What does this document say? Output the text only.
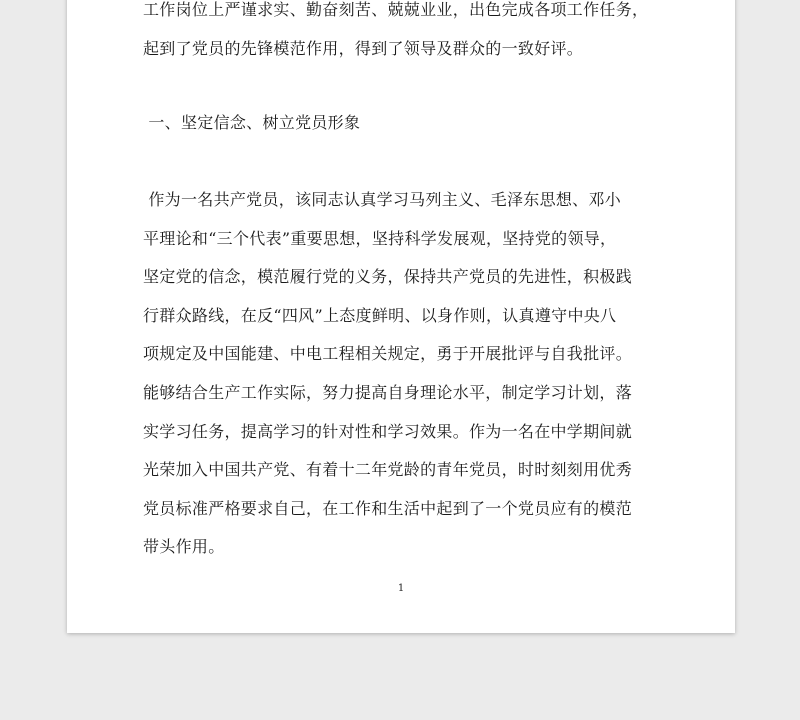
工作岗位上严谨求实、勤奋刻苦、兢兢业业，出色完成各项工作任务，
起到了党员的先锋模范作用，得到了领导及群众的一致好评。
一、坚定信念、树立党员形象
作为一名共产党员，该同志认真学习马列主义、毛泽东思想、邓小
平理论和“三个代表”重要思想，坚持科学发展观，坚持党的领导，
坚定党的信念，模范履行党的义务，保持共产党员的先进性，积极践
行群众路线，在反“四风”上态度鲜明、以身作则，认真遵守中央八
项规定及中国能建、中电工程相关规定，勇于开展批评与自我批评。
能够结合生产工作实际，努力提高自身理论水平，制定学习计划，落
实学习任务，提高学习的针对性和学习效果。作为一名在中学期间就
光荣加入中国共产党、有着十二年党龄的青年党员，时时刻刻用优秀
党员标准严格要求自己，在工作和生活中起到了一个党员应有的模范
带头作用。
1
